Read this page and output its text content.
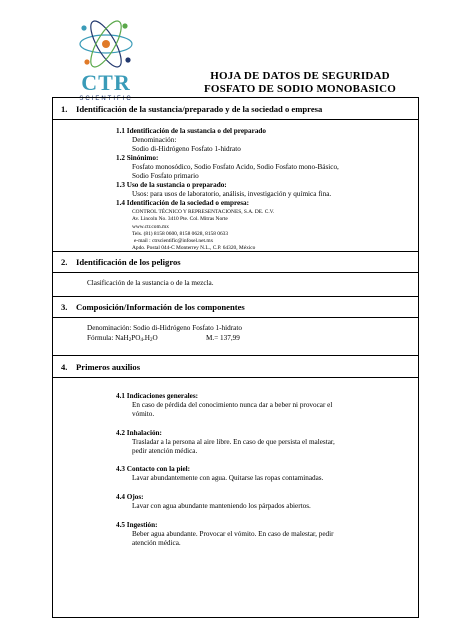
CTR
SCIENTIFIC
HOJA DE DATOS DE SEGURIDAD
FOSFATO DE SODIO MONOBASICO
1. Identificación de la sustancia/preparado y de la sociedad o empresa
1.1 Identificación de la sustancia o del preparado
Denominación:
Sodio di-Hidrógeno Fosfato 1-hidrato
1.2 Sinónimo:
Fosfato monosódico, Sodio Fosfato Acido, Sodio Fosfato mono-Básico,
Sodio Fosfato primario
1.3 Uso de la sustancia o preparado:
Usos: para usos de laboratorio, análisis, investigación y química fina.
1.4 Identificación de la sociedad o empresa:
CONTROL TÉCNICO Y REPRESENTACIONES, S.A. DE. C.V.
Av. Lincoln No. 3410 Pte. Col. Mitras Norte
www.ctr.com.mx
Tels. (81) 8158 0600, 8158 0628, 8158 0633
e-mail : ctrscientific@infosel.net.mx
Apdo. Postal 044-C Monterrey N.L., C.P. 64320, México
2. Identificación de los peligros
Clasificación de la sustancia o de la mezcla.
3. Composición/Información de los componentes
Denominación: Sodio di-Hidrógeno Fosfato 1-hidrato
Fórmula: $NaH_2PO_4.H_2O$	M.= 137,99
4. Primeros auxilios
4.1 Indicaciones generales:
En caso de pérdida del conocimiento nunca dar a beber ni provocar el
vómito.
4.2 Inhalación:
Trasladar a la persona al aire libre. En caso de que persista el malestar,
pedir atención médica.
4.3 Contacto con la piel:
Lavar abundantemente con agua. Quitarse las ropas contaminadas.
4.4 Ojos:
Lavar con agua abundante manteniendo los párpados abiertos.
4.5 Ingestión:
Beber agua abundante. Provocar el vómito. En caso de malestar, pedir
atención médica.
